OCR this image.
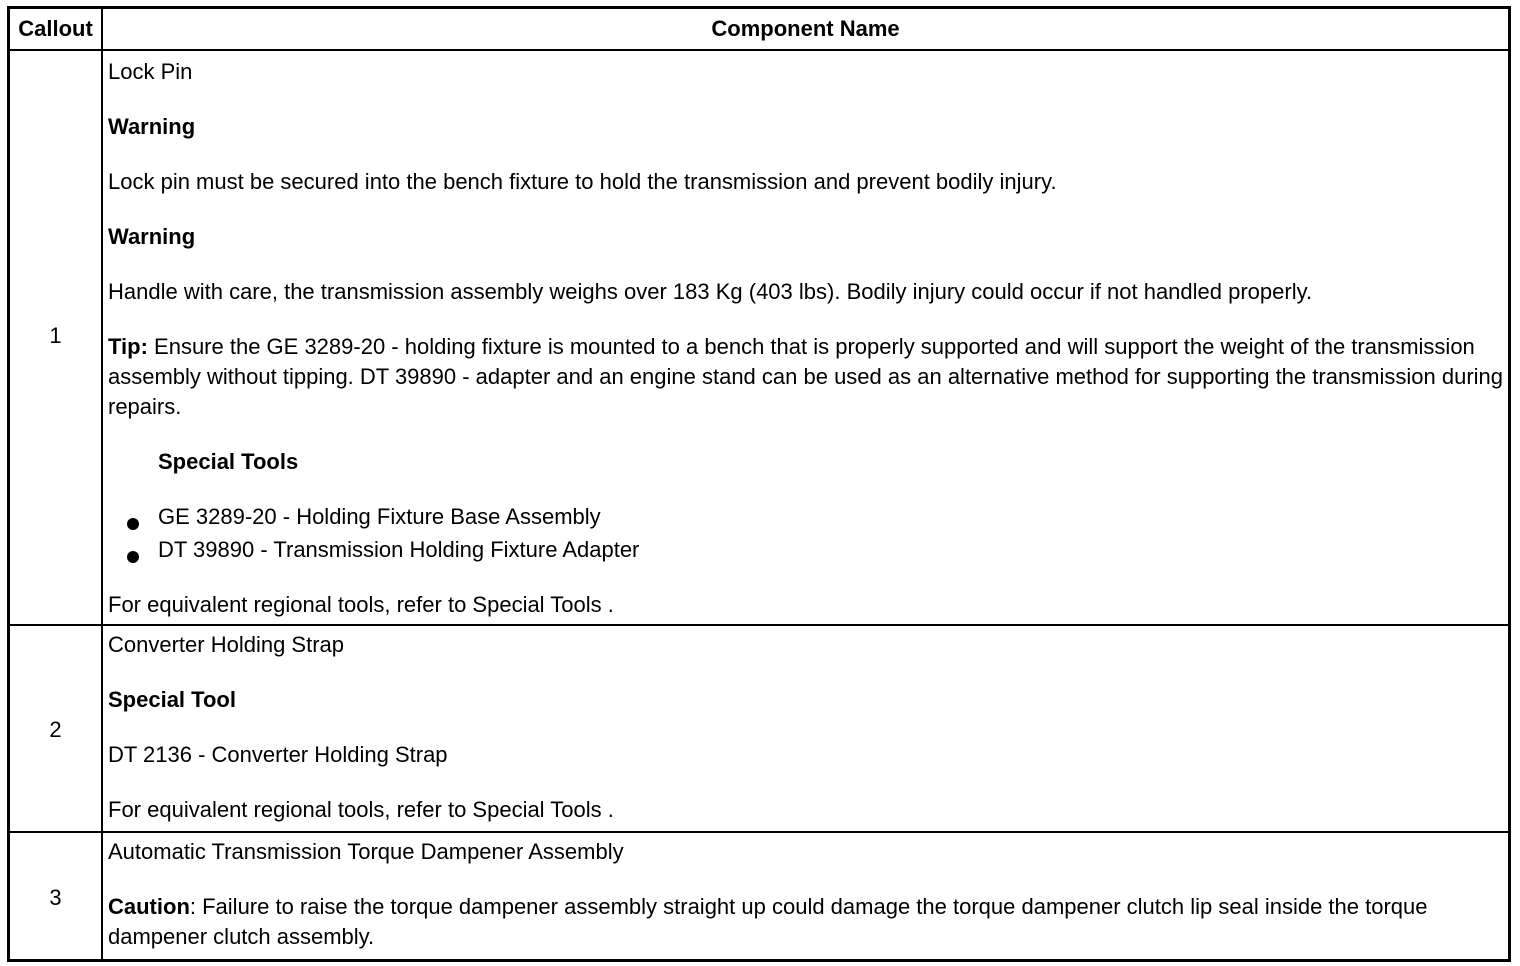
Callout	Component Name
1
Lock Pin
Warning
Lock pin must be secured into the bench fixture to hold the transmission and prevent bodily injury.
Warning
Handle with care, the transmission assembly weighs over 183 Kg (403 lbs). Bodily injury could occur if not handled properly.
Tip: Ensure the GE 3289-20 - holding fixture is mounted to a bench that is properly supported and will support the weight of the transmission assembly without tipping. DT 39890 - adapter and an engine stand can be used as an alternative method for supporting the transmission during repairs.
Special Tools
GE 3289-20 - Holding Fixture Base Assembly
DT 39890 - Transmission Holding Fixture Adapter
For equivalent regional tools, refer to Special Tools .
2
Converter Holding Strap
Special Tool
DT 2136 - Converter Holding Strap
For equivalent regional tools, refer to Special Tools .
3
Automatic Transmission Torque Dampener Assembly
Caution: Failure to raise the torque dampener assembly straight up could damage the torque dampener clutch lip seal inside the torque dampener clutch assembly.
